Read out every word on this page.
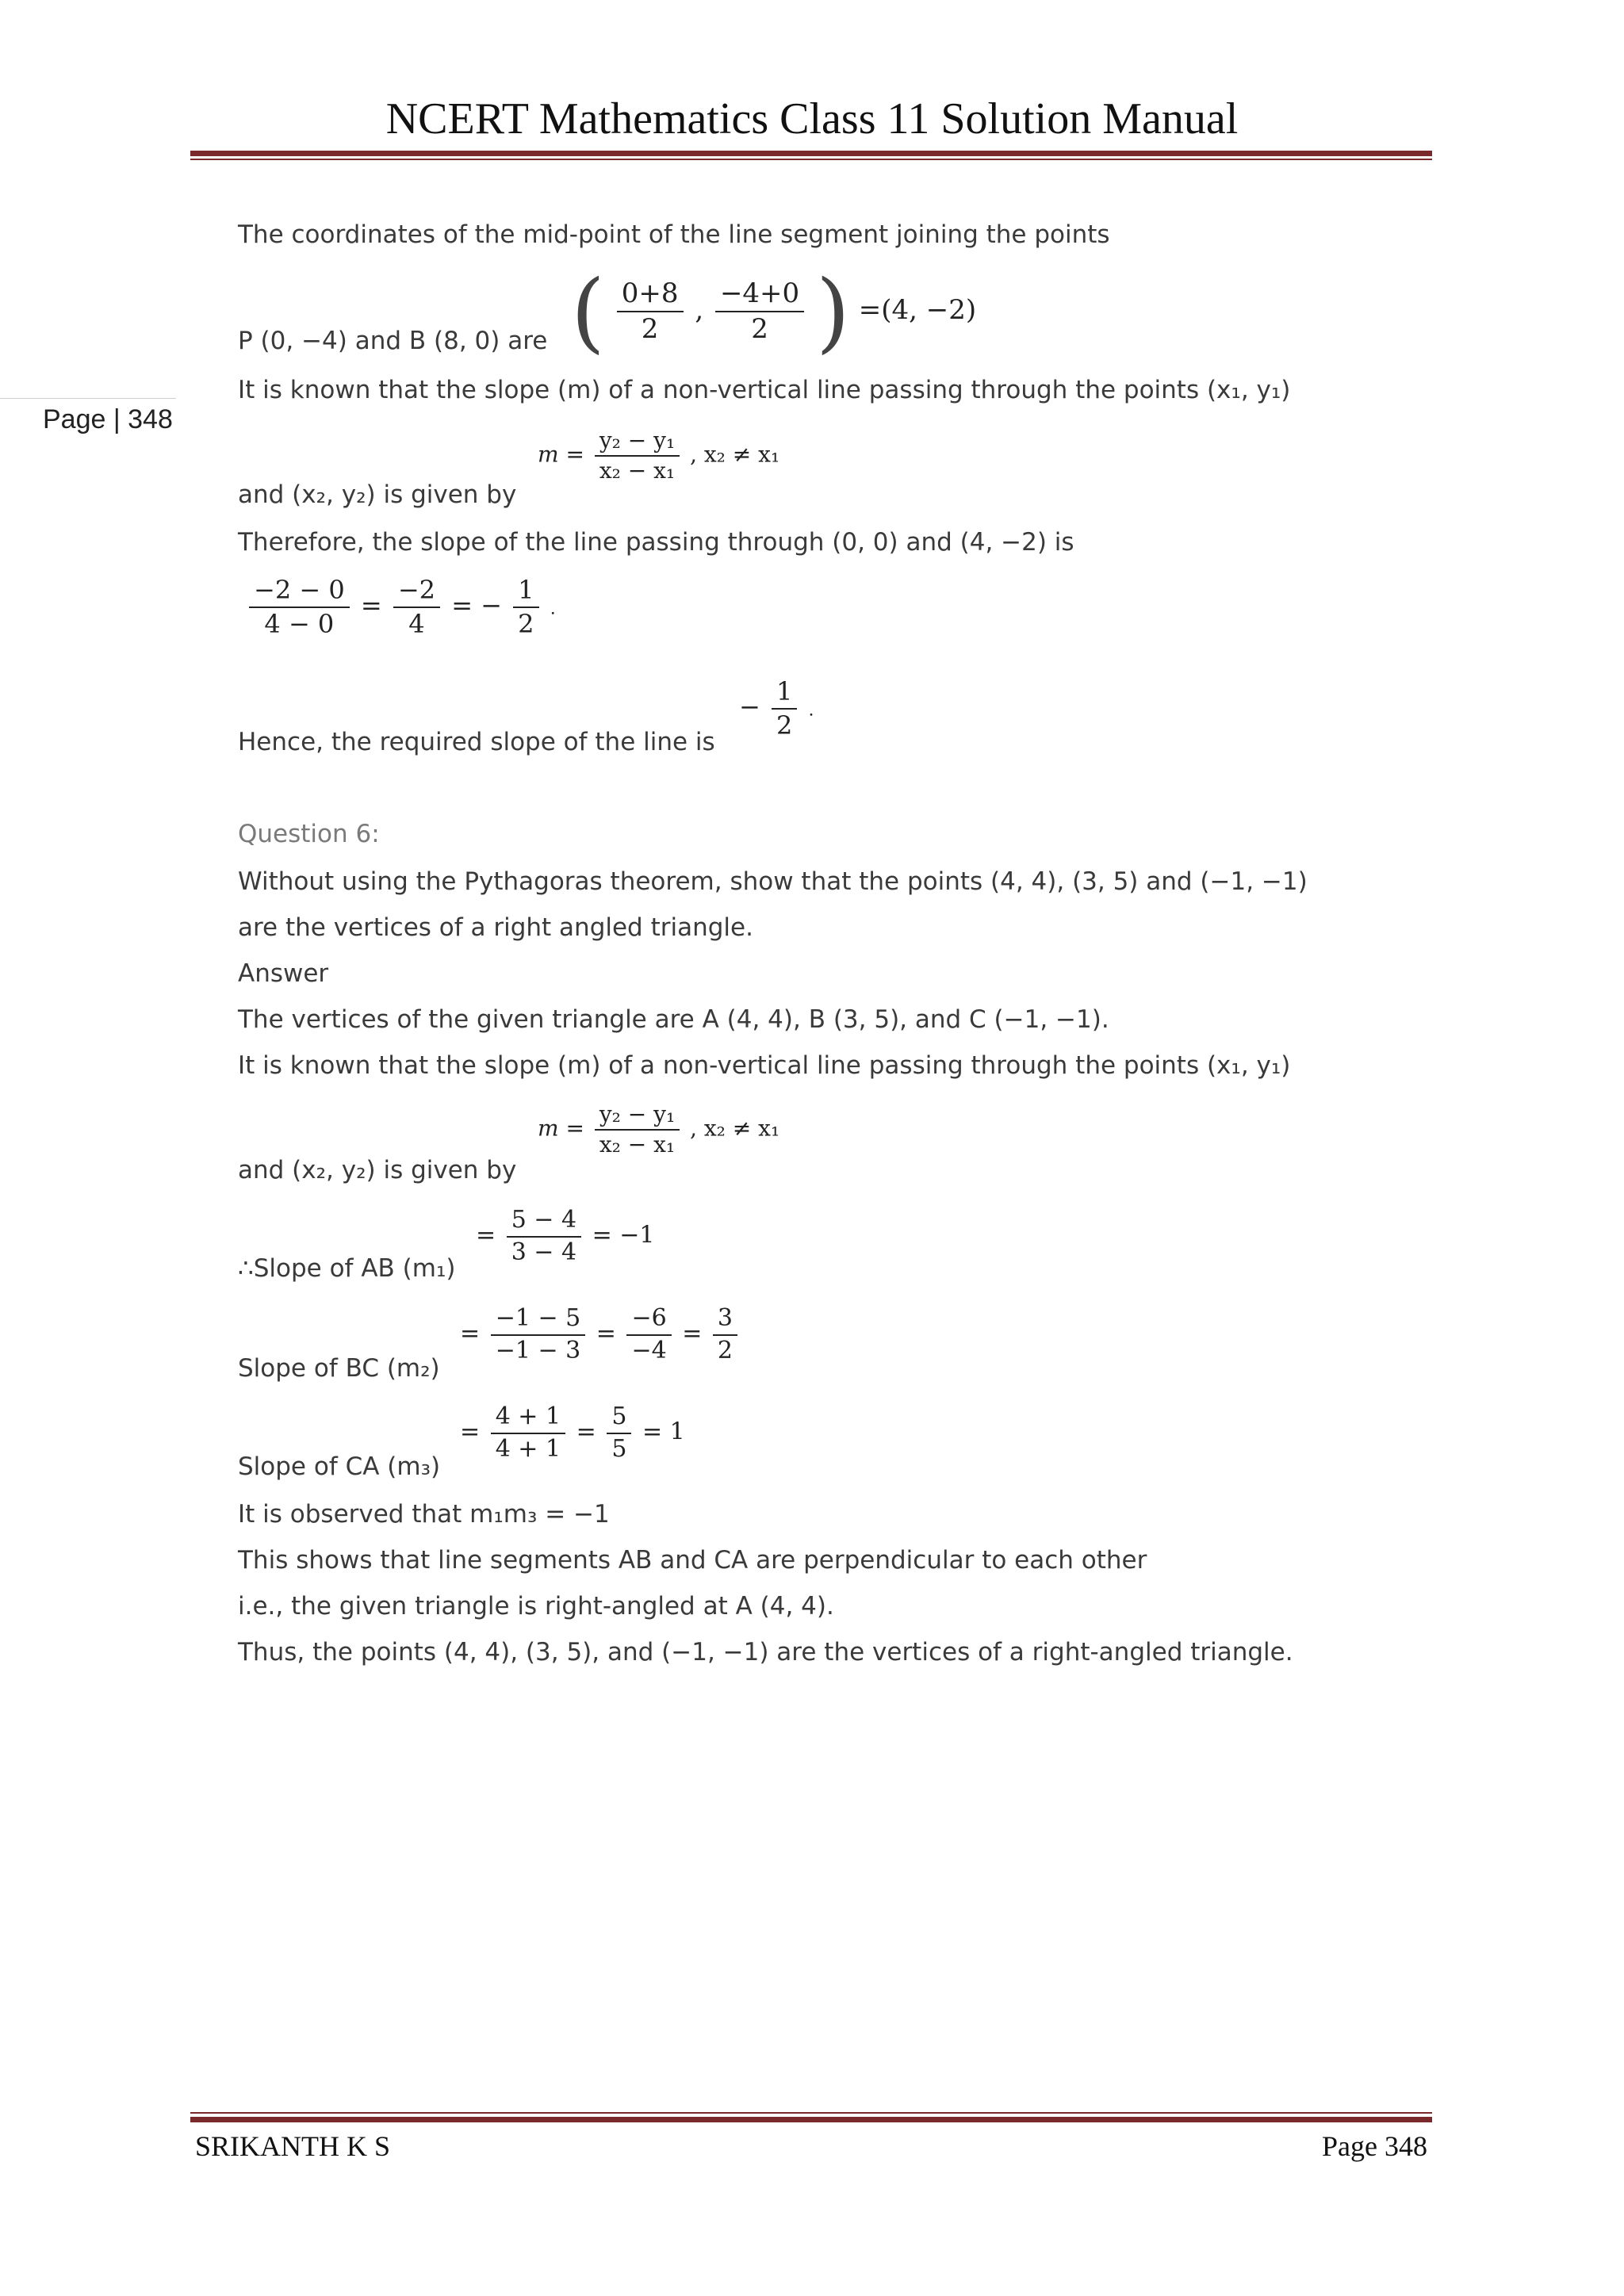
NCERT Mathematics Class 11 Solution Manual
Page | 348
The coordinates of the mid-point of the line segment joining the points
P (0, −4) and B (8, 0) are ( $\frac{0+8}{2}$ , $\frac{-4+0}{2}$ ) =(4, −2)
It is known that the slope (m) of a non-vertical line passing through the points (x₁, y₁)
and (x₂, y₂) is given by
$m = \frac{\text{y₂ − y₁}}{\text{x₂ − x₁}}$ , x₂ ≠ x₁
Therefore, the slope of the line passing through (0, 0) and (4, −2) is
$\frac{-2 - 0}{4 - 0} = \frac{-2}{4}$ = − $\frac{1}{2}$ .
Hence, the required slope of the line is
− $\frac{1}{2}$ .
Question 6:
Without using the Pythagoras theorem, show that the points (4, 4), (3, 5) and (−1, −1)
are the vertices of a right angled triangle.
Answer
The vertices of the given triangle are A (4, 4), B (3, 5), and C (−1, −1).
It is known that the slope (m) of a non-vertical line passing through the points (x₁, y₁)
and (x₂, y₂) is given by
$m = \frac{\text{y₂ − y₁}}{\text{x₂ − x₁}}$ , x₂ ≠ x₁
∴Slope of AB (m₁)
= $\frac{5 - 4}{3 - 4} = -1$
Slope of BC (m₂)
= $\frac{-1 - 5}{-1 - 3} = \frac{-6}{-4} = \frac{3}{2}$
Slope of CA (m₃)
= $\frac{4 + 1}{4 + 1} = \frac{5}{5} = 1$
It is observed that m₁m₃ = −1
This shows that line segments AB and CA are perpendicular to each other
i.e., the given triangle is right-angled at A (4, 4).
Thus, the points (4, 4), (3, 5), and (−1, −1) are the vertices of a right-angled triangle.
SRIKANTH K S	Page 348
